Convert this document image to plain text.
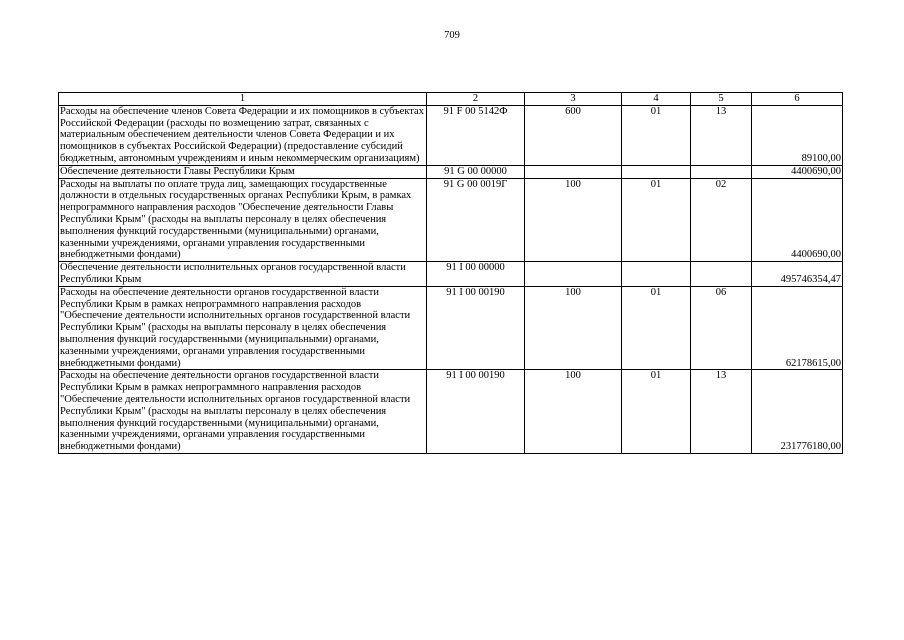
709
1	2	3	4	5	6
Расходы на обеспечение членов Совета Федерации и их помощников в субъектах Российской Федерации (расходы по возмещению затрат, связанных с материальным обеспечением деятельности членов Совета Федерации и их помощников в субъектах Российской Федерации) (предоставление субсидий бюджетным, автономным учреждениям и иным некоммерческим организациям)	91 F 00 5142Ф	600	01	13	89100,00
Обеспечение деятельности Главы Республики Крым	91 G 00 00000				4400690,00
Расходы на выплаты по оплате труда лиц, замещающих государственные должности в отдельных государственных органах Республики Крым, в рамках непрограммного направления расходов "Обеспечение деятельности Главы Республики Крым" (расходы на выплаты персоналу в целях обеспечения выполнения функций государственными (муниципальными) органами, казенными учреждениями, органами управления государственными внебюджетными фондами)	91 G 00 0019Г	100	01	02	4400690,00
Обеспечение деятельности исполнительных органов государственной власти Республики Крым	91 I 00 00000				495746354,47
Расходы на обеспечение деятельности органов государственной власти Республики Крым в рамках непрограммного направления расходов "Обеспечение деятельности исполнительных органов государственной власти Республики Крым" (расходы на выплаты персоналу в целях обеспечения выполнения функций государственными (муниципальными) органами, казенными учреждениями, органами управления государственными внебюджетными фондами)	91 I 00 00190	100	01	06	62178615,00
Расходы на обеспечение деятельности органов государственной власти Республики Крым в рамках непрограммного направления расходов "Обеспечение деятельности исполнительных органов государственной власти Республики Крым" (расходы на выплаты персоналу в целях обеспечения выполнения функций государственными (муниципальными) органами, казенными учреждениями, органами управления государственными внебюджетными фондами)	91 I 00 00190	100	01	13	231776180,00
